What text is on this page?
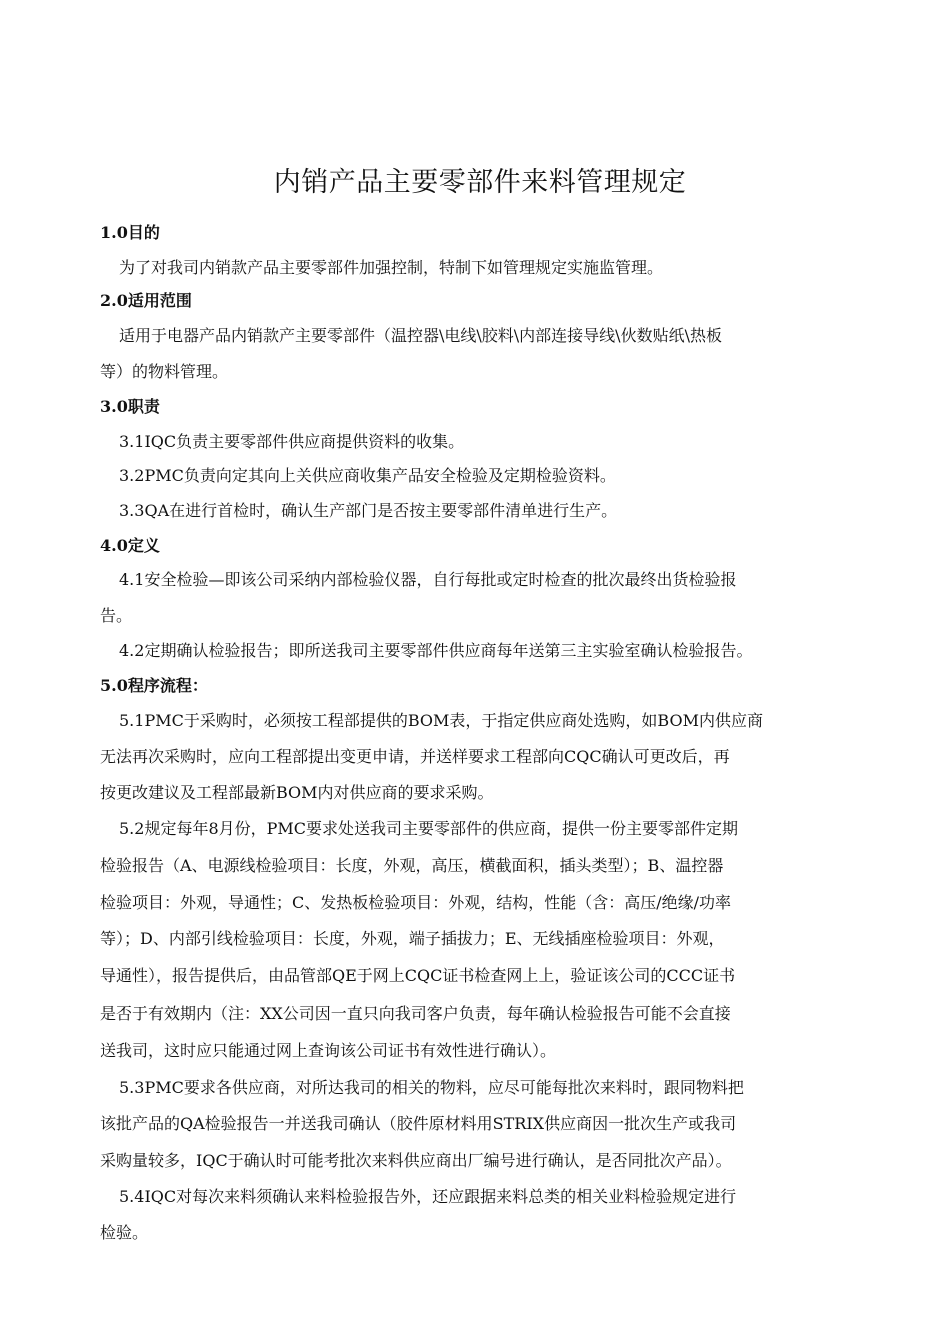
内销产品主要零部件来料管理规定
1.0目的
为了对我司内销款产品主要零部件加强控制，特制下如管理规定实施监管理。
2.0适用范围
适用于电器产品内销款产主要零部件（温控器\电线\胶料\内部连接导线\伙数贴纸\热板
等）的物料管理。
3.0职责
3.1IQC负责主要零部件供应商提供资料的收集。
3.2PMC负责向定其向上关供应商收集产品安全检验及定期检验资料。
3.3QA在进行首检时，确认生产部门是否按主要零部件清单进行生产。
4.0定义
4.1安全检验—即该公司采纳内部检验仪器，自行每批或定时检查的批次最终出货检验报
告。
4.2定期确认检验报告；即所送我司主要零部件供应商每年送第三主实验室确认检验报告。
5.0程序流程：
5.1PMC于采购时，必须按工程部提供的BOM表，于指定供应商处选购，如BOM内供应商
无法再次采购时，应向工程部提出变更申请，并送样要求工程部向CQC确认可更改后，再
按更改建议及工程部最新BOM内对供应商的要求采购。
5.2规定每年8月份，PMC要求处送我司主要零部件的供应商，提供一份主要零部件定期
检验报告（A、电源线检验项目：长度，外观，高压，横截面积，插头类型）；B、温控器
检验项目：外观，导通性；C、发热板检验项目：外观，结构，性能（含：高压/绝缘/功率
等）；D、内部引线检验项目：长度，外观，端子插拔力；E、无线插座检验项目：外观，
导通性），报告提供后，由品管部QE于网上CQC证书检查网上上，验证该公司的CCC证书
是否于有效期内（注：XX公司因一直只向我司客户负责，每年确认检验报告可能不会直接
送我司，这时应只能通过网上查询该公司证书有效性进行确认）。
5.3PMC要求各供应商，对所达我司的相关的物料，应尽可能每批次来料时，跟同物料把
该批产品的QA检验报告一并送我司确认（胶件原材料用STRIX供应商因一批次生产或我司
采购量较多，IQC于确认时可能考批次来料供应商出厂编号进行确认，是否同批次产品）。
5.4IQC对每次来料须确认来料检验报告外，还应跟据来料总类的相关业料检验规定进行
检验。
